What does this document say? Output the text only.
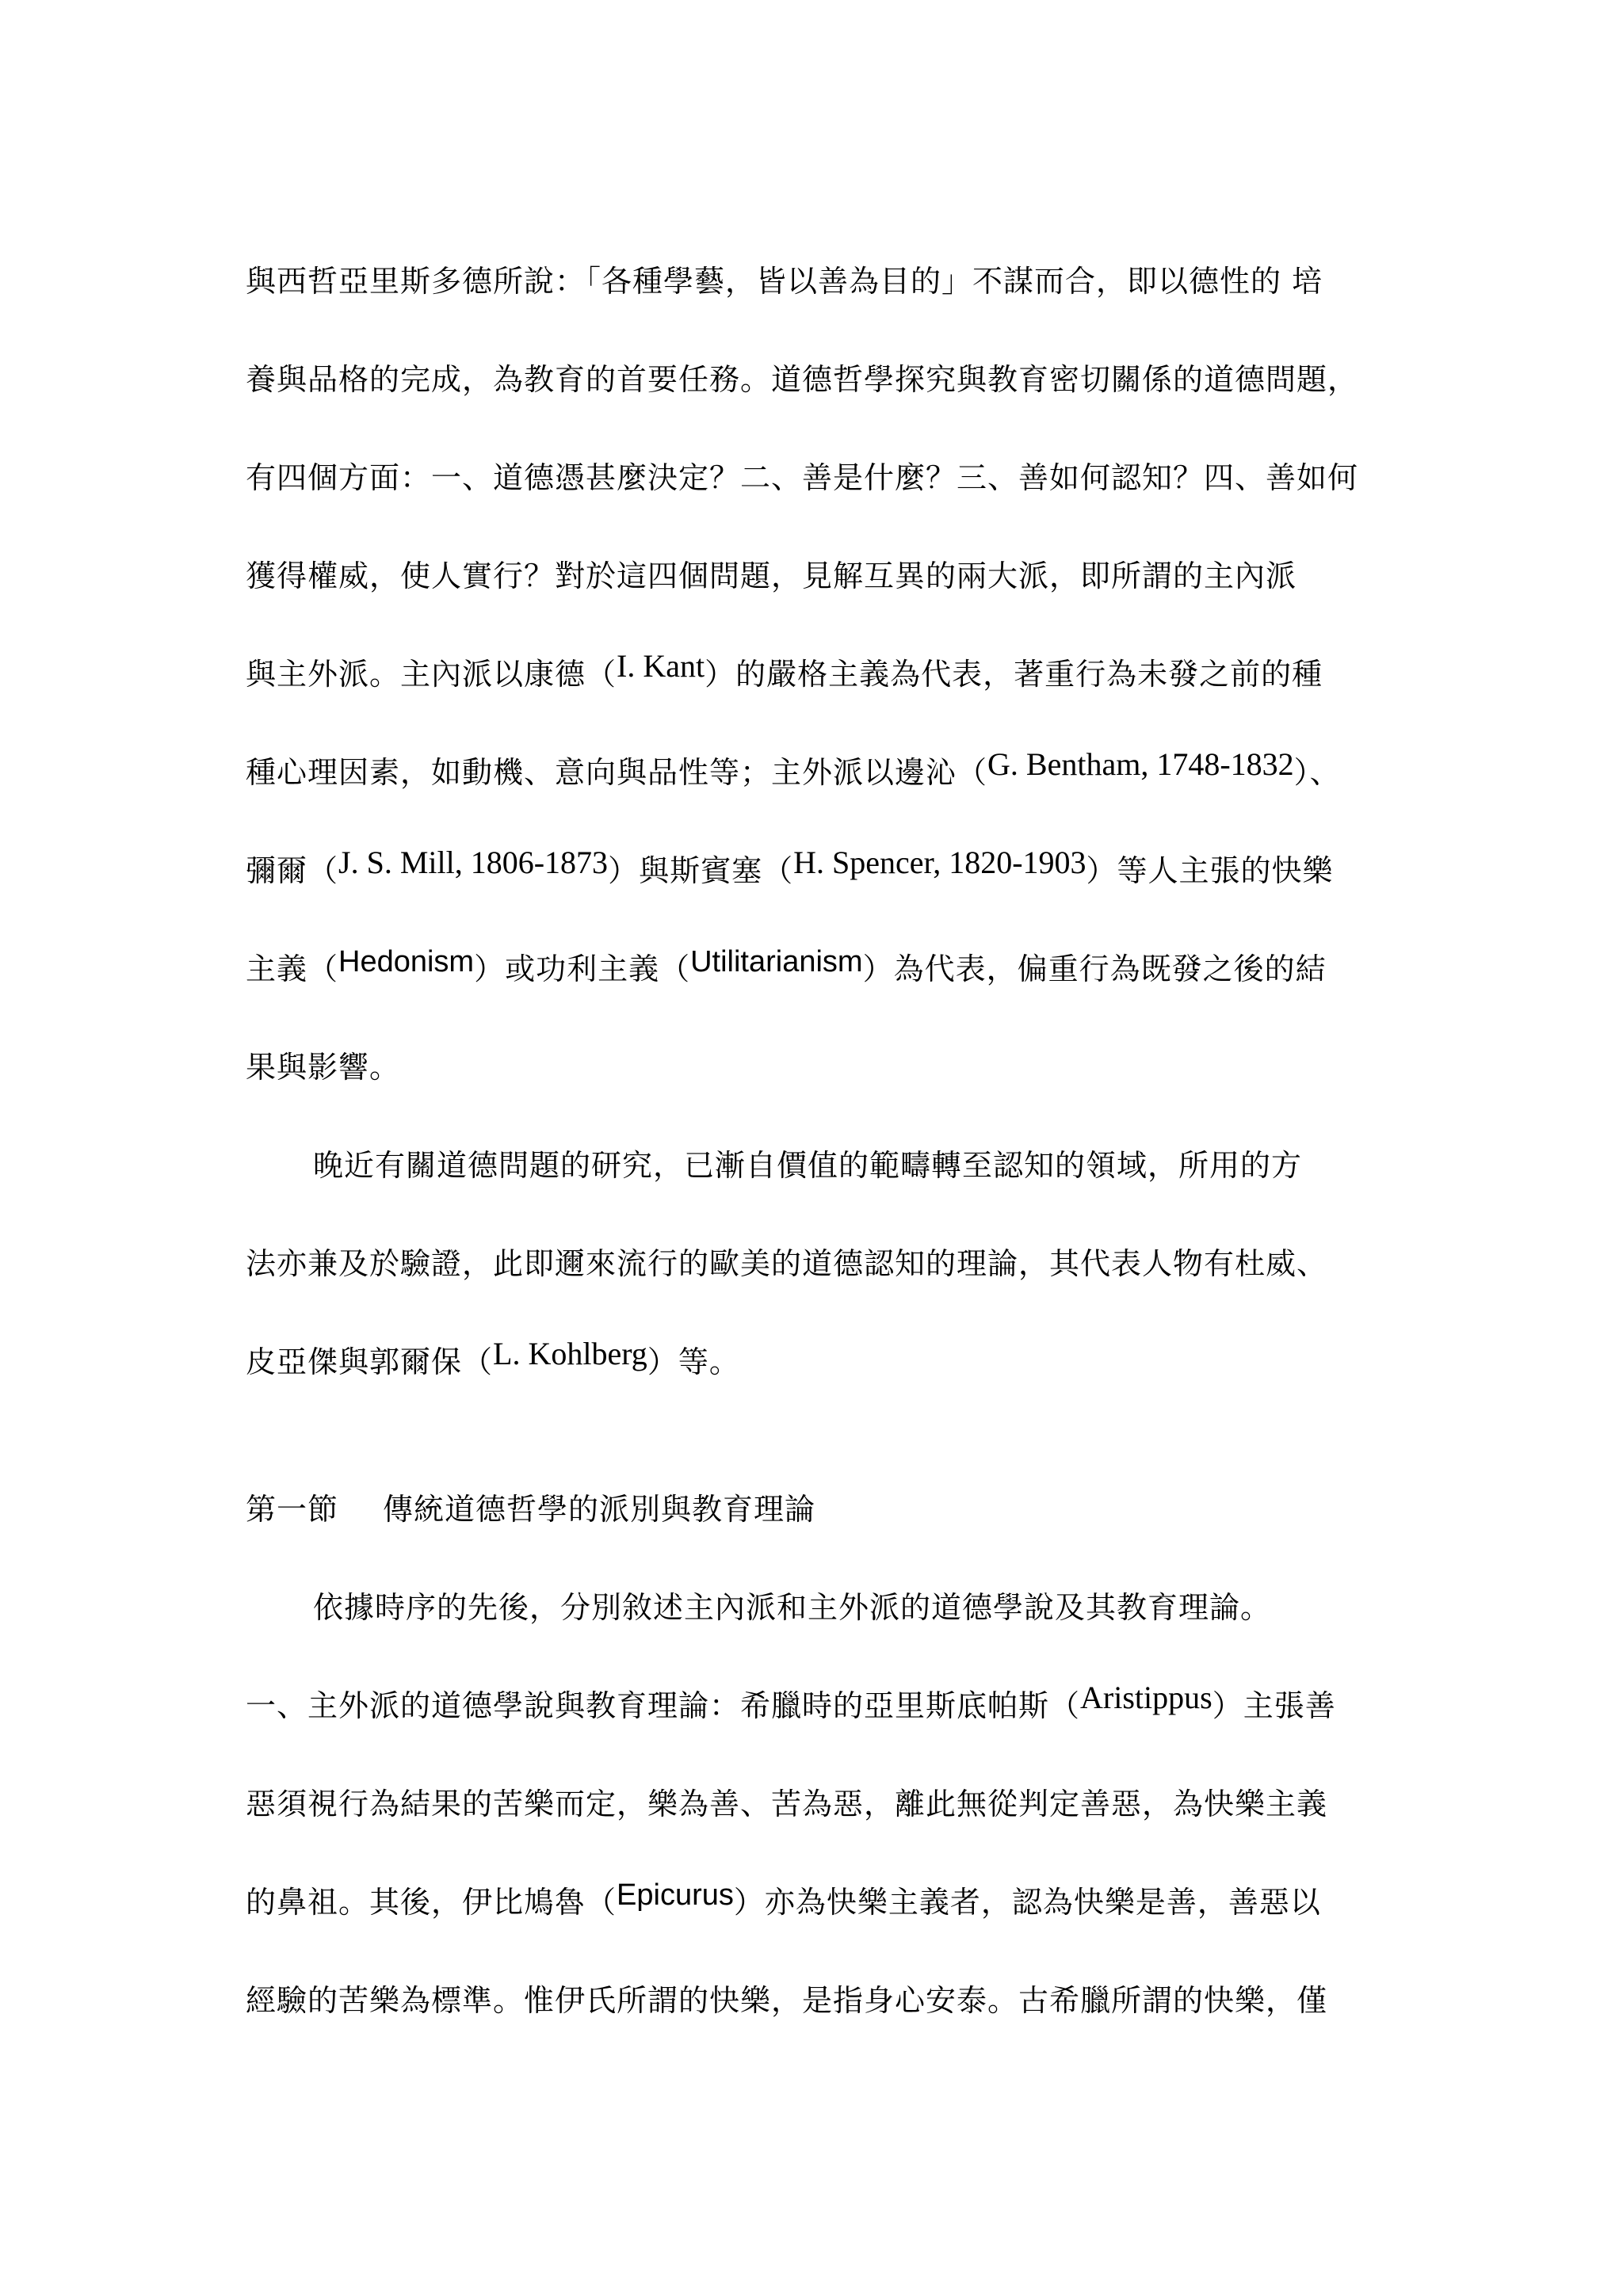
與西哲亞里斯多德所說：「各種學藝，皆以善為目的」不謀而合，即以德性的 培
養與品格的完成，為教育的首要任務。道德哲學探究與教育密切關係的道德問題，
有四個方面：一、道德憑甚麼決定？二、善是什麼？三、善如何認知？四、善如何
獲得權威，使人實行？對於這四個問題，見解互異的兩大派，即所謂的主內派
與主外派。主內派以康德（I. Kant）的嚴格主義為代表，著重行為未發之前的種
種心理因素，如動機、意向與品性等；主外派以邊沁（G. Bentham, 1748-1832）、
彌爾（J. S. Mill, 1806-1873）與斯賓塞（H. Spencer, 1820-1903）等人主張的快樂
主義（Hedonism）或功利主義（Utilitarianism）為代表，偏重行為既發之後的結
果與影響。
晚近有關道德問題的研究，已漸自價值的範疇轉至認知的領域，所用的方
法亦兼及於驗證，此即邇來流行的歐美的道德認知的理論，其代表人物有杜威、
皮亞傑與郭爾保（L. Kohlberg）等。
第一節 傳統道德哲學的派別與教育理論
依據時序的先後，分別敘述主內派和主外派的道德學說及其教育理論。
一、主外派的道德學說與教育理論：希臘時的亞里斯底帕斯（Aristippus）主張善
惡須視行為結果的苦樂而定，樂為善、苦為惡，離此無從判定善惡，為快樂主義
的鼻祖。其後，伊比鳩魯（Epicurus）亦為快樂主義者，認為快樂是善，善惡以
經驗的苦樂為標準。惟伊氏所謂的快樂，是指身心安泰。古希臘所謂的快樂，僅
